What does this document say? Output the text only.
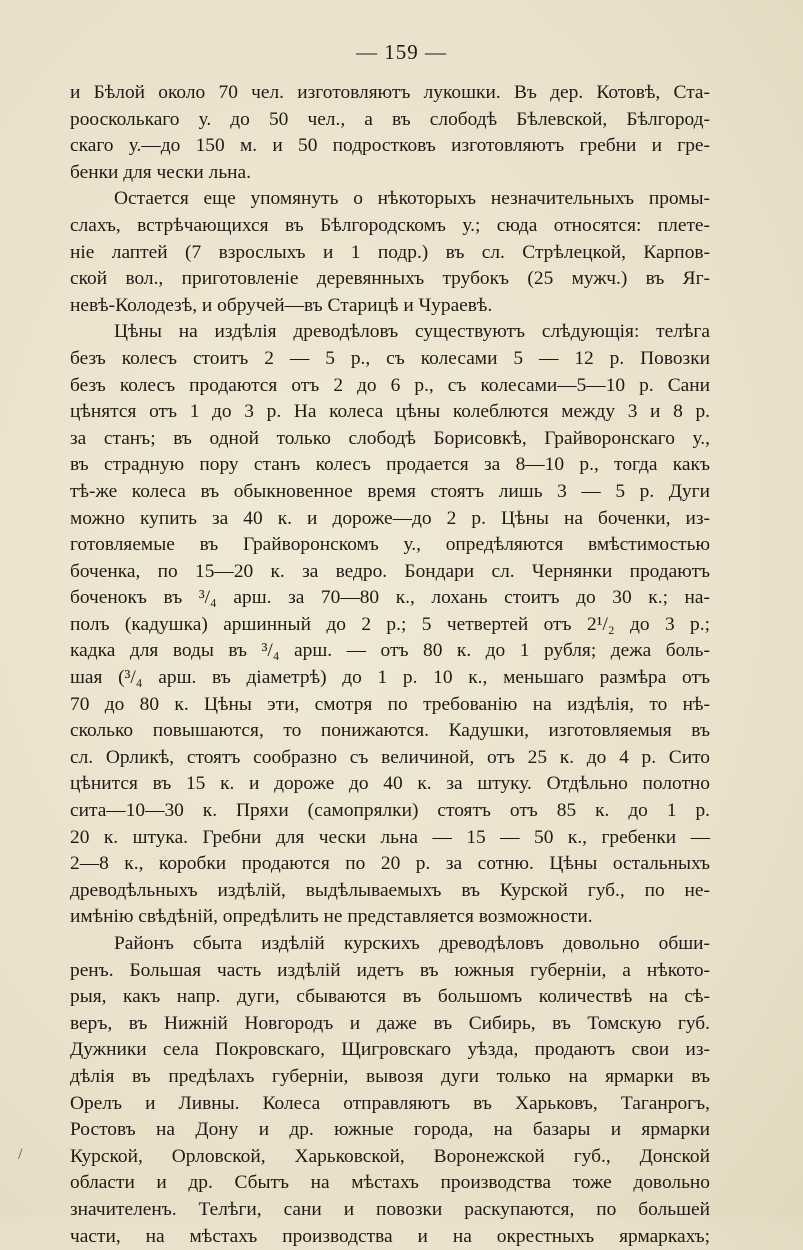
— 159 —
и Бѣлой около 70 чел. изготовляютъ лукошки. Въ дер. Котовѣ, Ста-
роосколькаго у. до 50 чел., а въ слободѣ Бѣлевской, Бѣлгород-
скаго у.—до 150 м. и 50 подростковъ изготовляютъ гребни и гре-
бенки для чески льна.
Остается еще упомянуть о нѣкоторыхъ незначительныхъ промы-
слахъ, встрѣчающихся въ Бѣлгородскомъ у.; сюда относятся: плете-
ніе лаптей (7 взрослыхъ и 1 подр.) въ сл. Стрѣлецкой, Карпов-
ской вол., приготовленіе деревянныхъ трубокъ (25 мужч.) въ Яг-
невѣ-Колодезѣ, и обручей—въ Старицѣ и Чураевѣ.
Цѣны на издѣлія древодѣловъ существуютъ слѣдующія: телѣга
безъ колесъ стоитъ 2 — 5 р., съ колесами 5 — 12 р. Повозки
безъ колесъ продаются отъ 2 до 6 р., съ колесами—5—10 р. Сани
цѣнятся отъ 1 до 3 р. На колеса цѣны колеблются между 3 и 8 р.
за станъ; въ одной только слободѣ Борисовкѣ, Грайворонскаго у.,
въ страдную пору станъ колесъ продается за 8—10 р., тогда какъ
тѣ-же колеса въ обыкновенное время стоятъ лишь 3 — 5 р. Дуги
можно купить за 40 к. и дороже—до 2 р. Цѣны на боченки, из-
готовляемые въ Грайворонскомъ у., опредѣляются вмѣстимостью
боченка, по 15—20 к. за ведро. Бондари сл. Чернянки продаютъ
боченокъ въ ³/₄ арш. за 70—80 к., лохань стоитъ до 30 к.; на-
полъ (кадушка) аршинный до 2 р.; 5 четвертей отъ 2¹/₂ до 3 р.;
кадка для воды въ ³/₄ арш. — отъ 80 к. до 1 рубля; дежа боль-
шая (³/₄ арш. въ діаметрѣ) до 1 р. 10 к., меньшаго размѣра отъ
70 до 80 к. Цѣны эти, смотря по требованію на издѣлія, то нѣ-
сколько повышаются, то понижаются. Кадушки, изготовляемыя въ
сл. Орликѣ, стоятъ сообразно съ величиной, отъ 25 к. до 4 р. Сито
цѣнится въ 15 к. и дороже до 40 к. за штуку. Отдѣльно полотно
сита—10—30 к. Пряхи (самопрялки) стоятъ отъ 85 к. до 1 р.
20 к. штука. Гребни для чески льна — 15 — 50 к., гребенки —
2—8 к., коробки продаются по 20 р. за сотню. Цѣны остальныхъ
древодѣльныхъ издѣлій, выдѣлываемыхъ въ Курской губ., по не-
имѣнію свѣдѣній, опредѣлить не представляется возможности.
Районъ сбыта издѣлій курскихъ древодѣловъ довольно обши-
ренъ. Большая часть издѣлій идетъ въ южныя губерніи, а нѣкото-
рыя, какъ напр. дуги, сбываются въ большомъ количествѣ на сѣ-
веръ, въ Нижній Новгородъ и даже въ Сибирь, въ Томскую губ.
Дужники села Покровскаго, Щигровскаго уѣзда, продаютъ свои из-
дѣлія въ предѣлахъ губерніи, вывозя дуги только на ярмарки въ
Орелъ и Ливны. Колеса отправляютъ въ Харьковъ, Таганрогъ,
Ростовъ на Дону и др. южные города, на базары и ярмарки
Курской, Орловской, Харьковской, Воронежской губ., Донской
области и др. Сбытъ на мѣстахъ производства тоже довольно
значителенъ. Телѣги, сани и повозки раскупаются, по большей
части, на мѣстахъ производства и на окрестныхъ ярмаркахъ;
/
